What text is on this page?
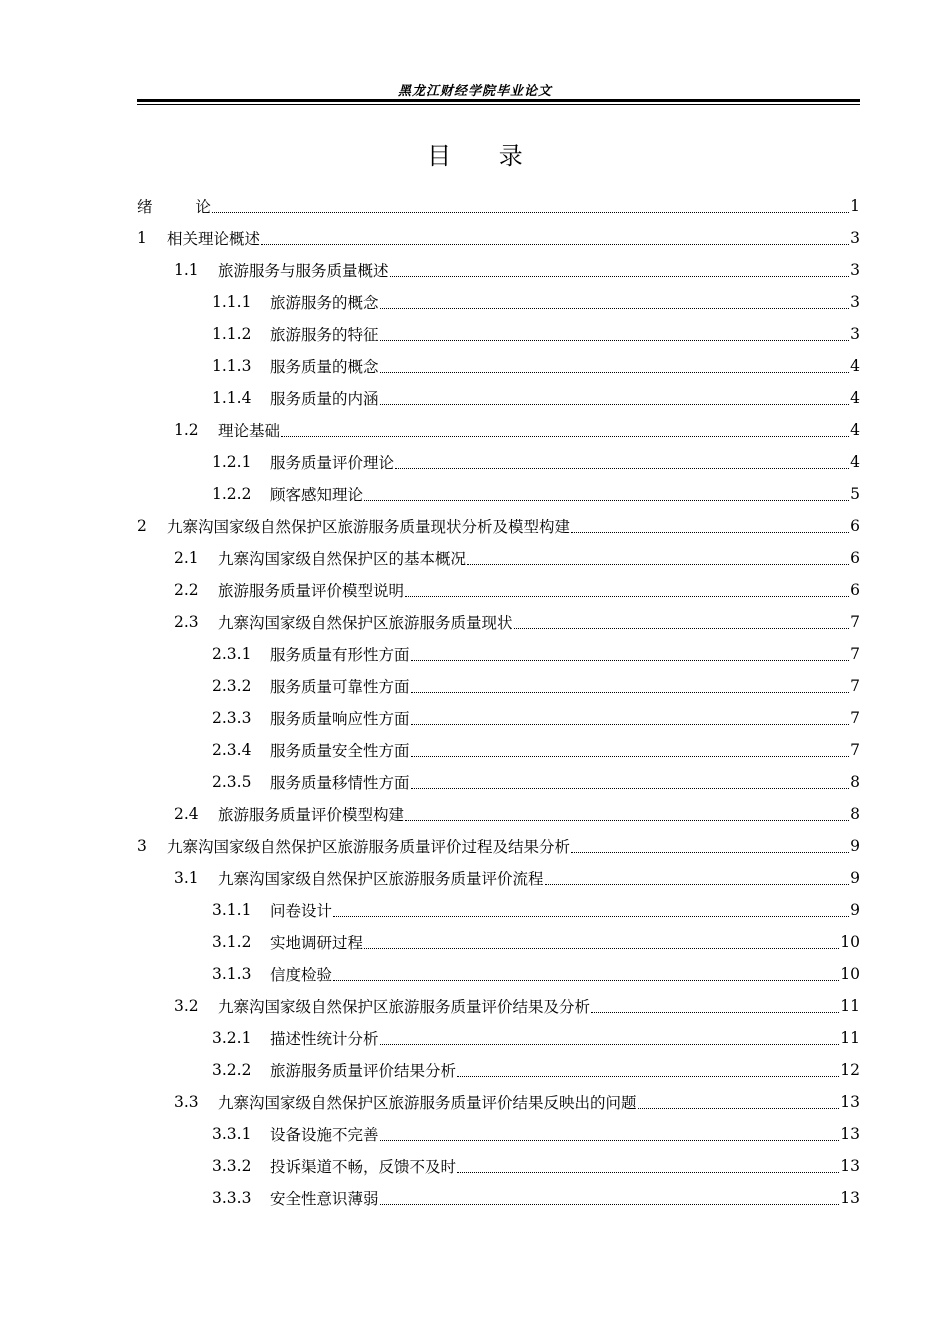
黑龙江财经学院毕业论文
目 录
绪 论	1
1	相关理论概述	3
1.1	旅游服务与服务质量概述	3
1.1.1	旅游服务的概念	3
1.1.2	旅游服务的特征	3
1.1.3	服务质量的概念	4
1.1.4	服务质量的内涵	4
1.2	理论基础	4
1.2.1	服务质量评价理论	4
1.2.2	顾客感知理论	5
2	九寨沟国家级自然保护区旅游服务质量现状分析及模型构建	6
2.1	九寨沟国家级自然保护区的基本概况	6
2.2	旅游服务质量评价模型说明	6
2.3	九寨沟国家级自然保护区旅游服务质量现状	7
2.3.1	服务质量有形性方面	7
2.3.2	服务质量可靠性方面	7
2.3.3	服务质量响应性方面	7
2.3.4	服务质量安全性方面	7
2.3.5	服务质量移情性方面	8
2.4	旅游服务质量评价模型构建	8
3	九寨沟国家级自然保护区旅游服务质量评价过程及结果分析	9
3.1	九寨沟国家级自然保护区旅游服务质量评价流程	9
3.1.1	问卷设计	9
3.1.2	实地调研过程	10
3.1.3	信度检验	10
3.2	九寨沟国家级自然保护区旅游服务质量评价结果及分析	11
3.2.1	描述性统计分析	11
3.2.2	旅游服务质量评价结果分析	12
3.3	九寨沟国家级自然保护区旅游服务质量评价结果反映出的问题	13
3.3.1	设备设施不完善	13
3.3.2	投诉渠道不畅，反馈不及时	13
3.3.3	安全性意识薄弱	13
